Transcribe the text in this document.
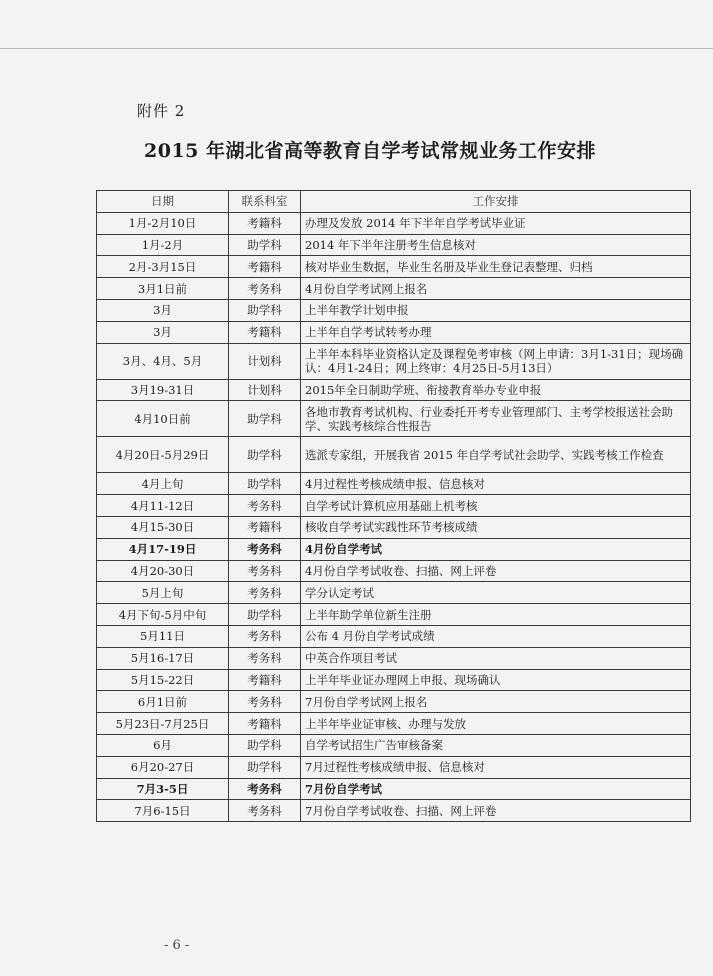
附件 2
2015 年湖北省高等教育自学考试常规业务工作安排
日期	联系科室	工作安排
1月-2月10日	考籍科	办理及发放 2014 年下半年自学考试毕业证
1月-2月	助学科	2014 年下半年注册考生信息核对
2月-3月15日	考籍科	核对毕业生数据，毕业生名册及毕业生登记表整理、归档
3月1日前	考务科	4月份自学考试网上报名
3月	助学科	上半年教学计划申报
3月	考籍科	上半年自学考试转考办理
3月、4月、5月	计划科	上半年本科毕业资格认定及课程免考审核（网上申请：3月1-31日；现场确认：4月1-24日；网上终审：4月25日-5月13日）
3月19-31日	计划科	2015年全日制助学班、衔接教育举办专业申报
4月10日前	助学科	各地市教育考试机构、行业委托开考专业管理部门、主考学校报送社会助学、实践考核综合性报告
4月20日-5月29日	助学科	选派专家组，开展我省 2015 年自学考试社会助学、实践考核工作检查
4月上旬	助学科	4月过程性考核成绩申报、信息核对
4月11-12日	考务科	自学考试计算机应用基础上机考核
4月15-30日	考籍科	核收自学考试实践性环节考核成绩
4月17-19日	考务科	4月份自学考试
4月20-30日	考务科	4月份自学考试收卷、扫描、网上评卷
5月上旬	考务科	学分认定考试
4月下旬-5月中旬	助学科	上半年助学单位新生注册
5月11日	考务科	公布 4 月份自学考试成绩
5月16-17日	考务科	中英合作项目考试
5月15-22日	考籍科	上半年毕业证办理网上申报、现场确认
6月1日前	考务科	7月份自学考试网上报名
5月23日-7月25日	考籍科	上半年毕业证审核、办理与发放
6月	助学科	自学考试招生广告审核备案
6月20-27日	助学科	7月过程性考核成绩申报、信息核对
7月3-5日	考务科	7月份自学考试
7月6-15日	考务科	7月份自学考试收卷、扫描、网上评卷
- 6 -
